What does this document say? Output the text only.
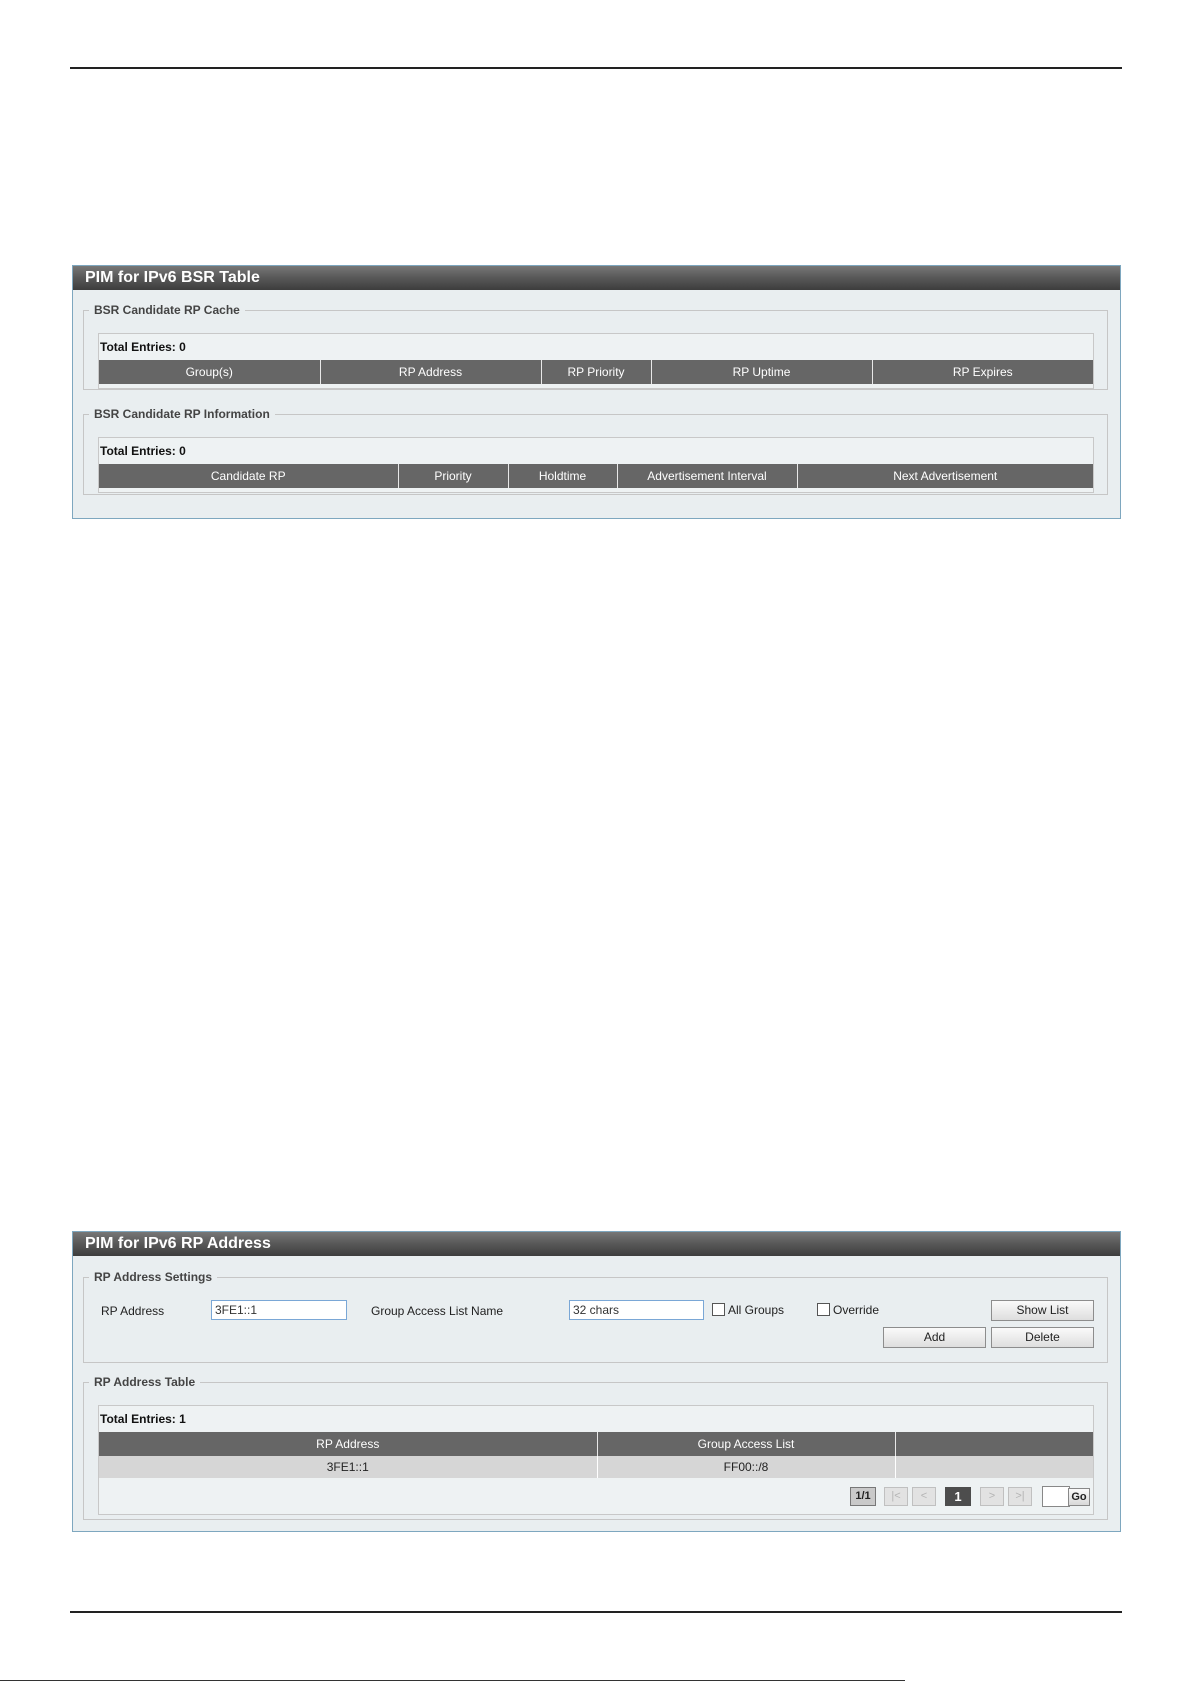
PIM for IPv6 BSR Table
BSR Candidate RP Cache
Total Entries: 0
Group(s)	RP Address	RP Priority	RP Uptime	RP Expires
BSR Candidate RP Information
Total Entries: 0
Candidate RP	Priority	Holdtime	Advertisement Interval	Next Advertisement
PIM for IPv6 RP Address
RP Address Settings
RP Address
3FE1::1	Group Access List Name
32 chars	All Groups	Override	Show List
Add	Delete
RP Address Table
Total Entries: 1
RP Address	Group Access List	
3FE1::1	FF00::/8	
1/1	|<	<	1	>	>|	Go
